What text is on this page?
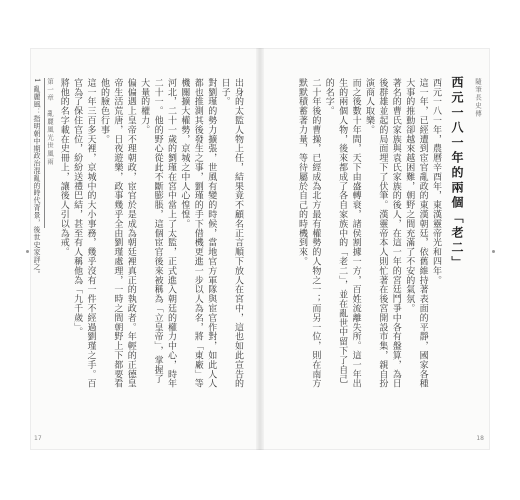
第一章　亂麗風光世風雨	出身的太監人物上任，結果竟不顧名正言順下放人在宮中，這也如此宣告的日子。
對劉瑾的勢力擴張，世風有變的時候，當地官方軍隊與宦官作對，如此人人都也推測其後發生之事，劉瑾的手下借機更進一步以人為名，將「東廠」等機關擴大權勢，京城之中人心惶惶。
河北，二十一歲的劉瑾在宮中當上了太監，正式進入朝廷的權力中心，時年二十一。他的野心從此不斷膨脹，這個宦官後來被稱為「立皇帝」，掌握了大量的權力。
偏偏遇上皇帝不理朝政，宦官於是成為朝廷裡真正的執政者。年輕的正德皇帝生活荒唐，日夜遊樂，政事幾乎全由劉瑾處理，一時之間朝野上下都要看他的臉色行事。
這一年三百多天裡，京城中的大小事務，幾乎沒有一件不經過劉瑾之手。百官為了保住官位，紛紛送禮巴結，甚至有人稱他為「九千歲」。
將他的名字載在史冊上，讓後人引以為戒。
1 亂麗風：指明朝中期政治混亂的時代背景，後世史家評之。
17
隨筆長史傳
西元一八一年的兩個「老二」
西元一八一年，農曆辛酉年，東漢靈帝光和四年。
這一年，已經遭到宦官亂政的東漢朝廷，依舊維持著表面的平靜，國家各種大事的推動卻越來越困難，朝野之間充滿了不安的氣氛。
著名的曹氏家族與袁氏家族的後人，在這一年的宮廷鬥爭中各有盤算，為日後群雄並起的局面埋下了伏筆。漢靈帝本人則忙著在後宮開設市集，親自扮演商人取樂。
而之後數十年間，天下由盛轉衰，諸侯割據一方，百姓流離失所。這一年出生的兩個人物，後來都成了各自家族中的「老二」，並在亂世中留下了自己的名字。
二十年後的曹操，已經成為北方最有權勢的人物之一；而另一位，則在南方默默積蓄著力量，等待屬於自己的時機到來。
18
